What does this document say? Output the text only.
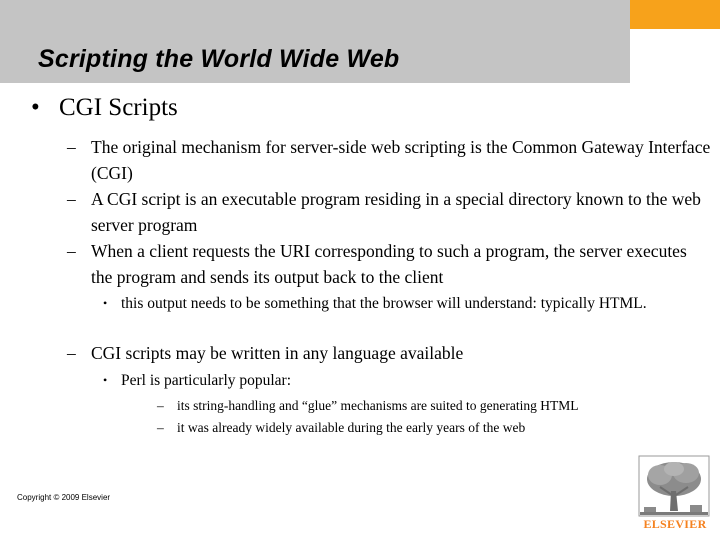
Scripting the World Wide Web
• CGI Scripts
– The original mechanism for server-side web scripting is the Common Gateway Interface (CGI)
– A CGI script is an executable program residing in a special directory known to the web server program
– When a client requests the URI corresponding to such a program, the server executes the program and sends its output back to the client
• this output needs to be something that the browser will understand: typically HTML.
– CGI scripts may be written in any language available
• Perl is particularly popular:
– its string-handling and “glue” mechanisms are suited to generating HTML
– it was already widely available during the early years of the web
Copyright © 2009 Elsevier
ELSEVIER
